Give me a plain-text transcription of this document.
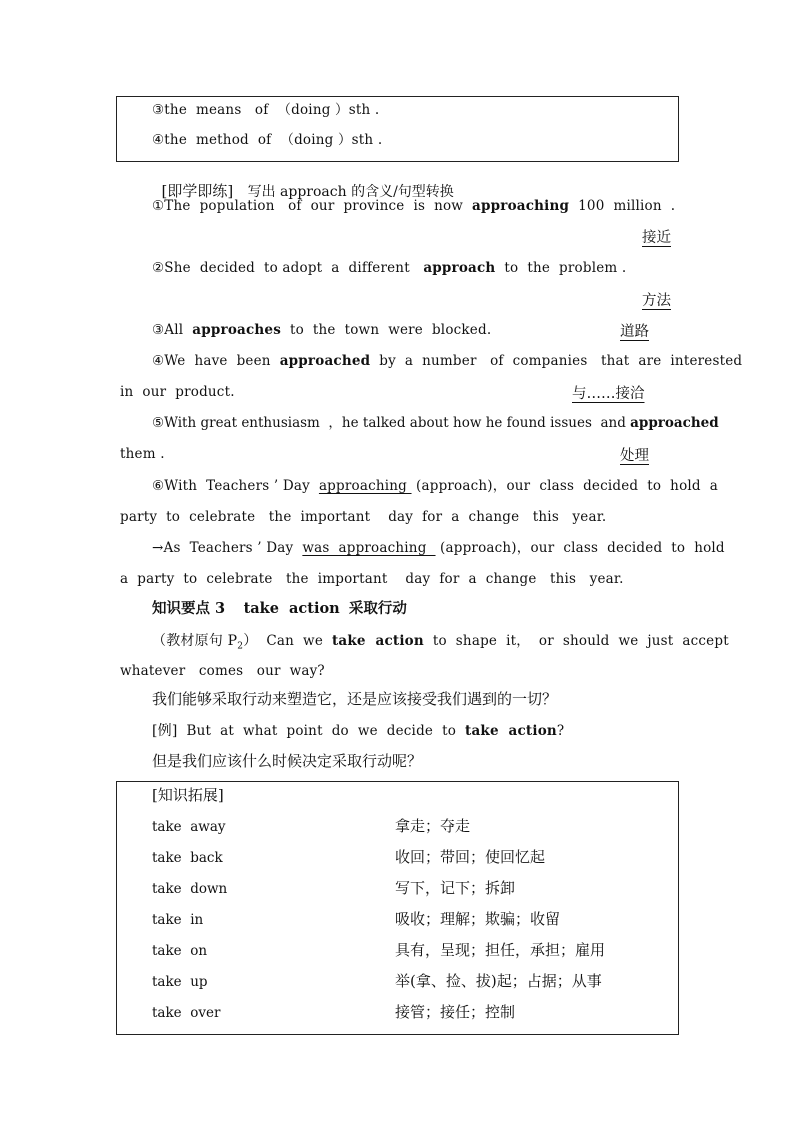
③the  means   of  （doing ）sth .
④the  method  of  （doing ）sth .

[即学即练] 写出 approach 的含义/句型转换

①The  population   of  our  province  is  now  approaching  100  million  .
接近
②She  decided  to adopt  a  different   approach  to  the  problem .
方法
③All  approaches  to  the  town  were  blocked.	道路
④We  have  been  approached  by  a  number   of  companies   that  are  interested
in  our  product.	与……接洽
⑤With great enthusiasm  ，he talked about how he found issues  and approached
them .	处理
⑥With  Teachers ’ Day  approaching  (approach)，our  class  decided  to  hold  a
party  to  celebrate   the  important    day  for  a  change   this   year.
→As  Teachers ’ Day  was  approaching   (approach)，our  class  decided  to  hold
a  party  to  celebrate   the  important    day  for  a  change   this   year.
知识要点 3 take  action 采取行动
（教材原句 $P_2$）  Can  we  take  action  to  shape  it，  or  should  we  just  accept
whatever   comes   our  way?
我们能够采取行动来塑造它，还是应该接受我们遇到的一切？
[例]  But  at  what  point  do  we  decide  to  take  action?
但是我们应该什么时候决定采取行动呢？
[知识拓展]
take  away	拿走；夺走
take  back	收回；带回；使回忆起
take  down	写下，记下；拆卸
take  in	吸收；理解；欺骗；收留
take  on	具有，呈现；担任，承担；雇用
take  up	举(拿、捡、拔)起；占据；从事
take  over	接管；接任；控制
